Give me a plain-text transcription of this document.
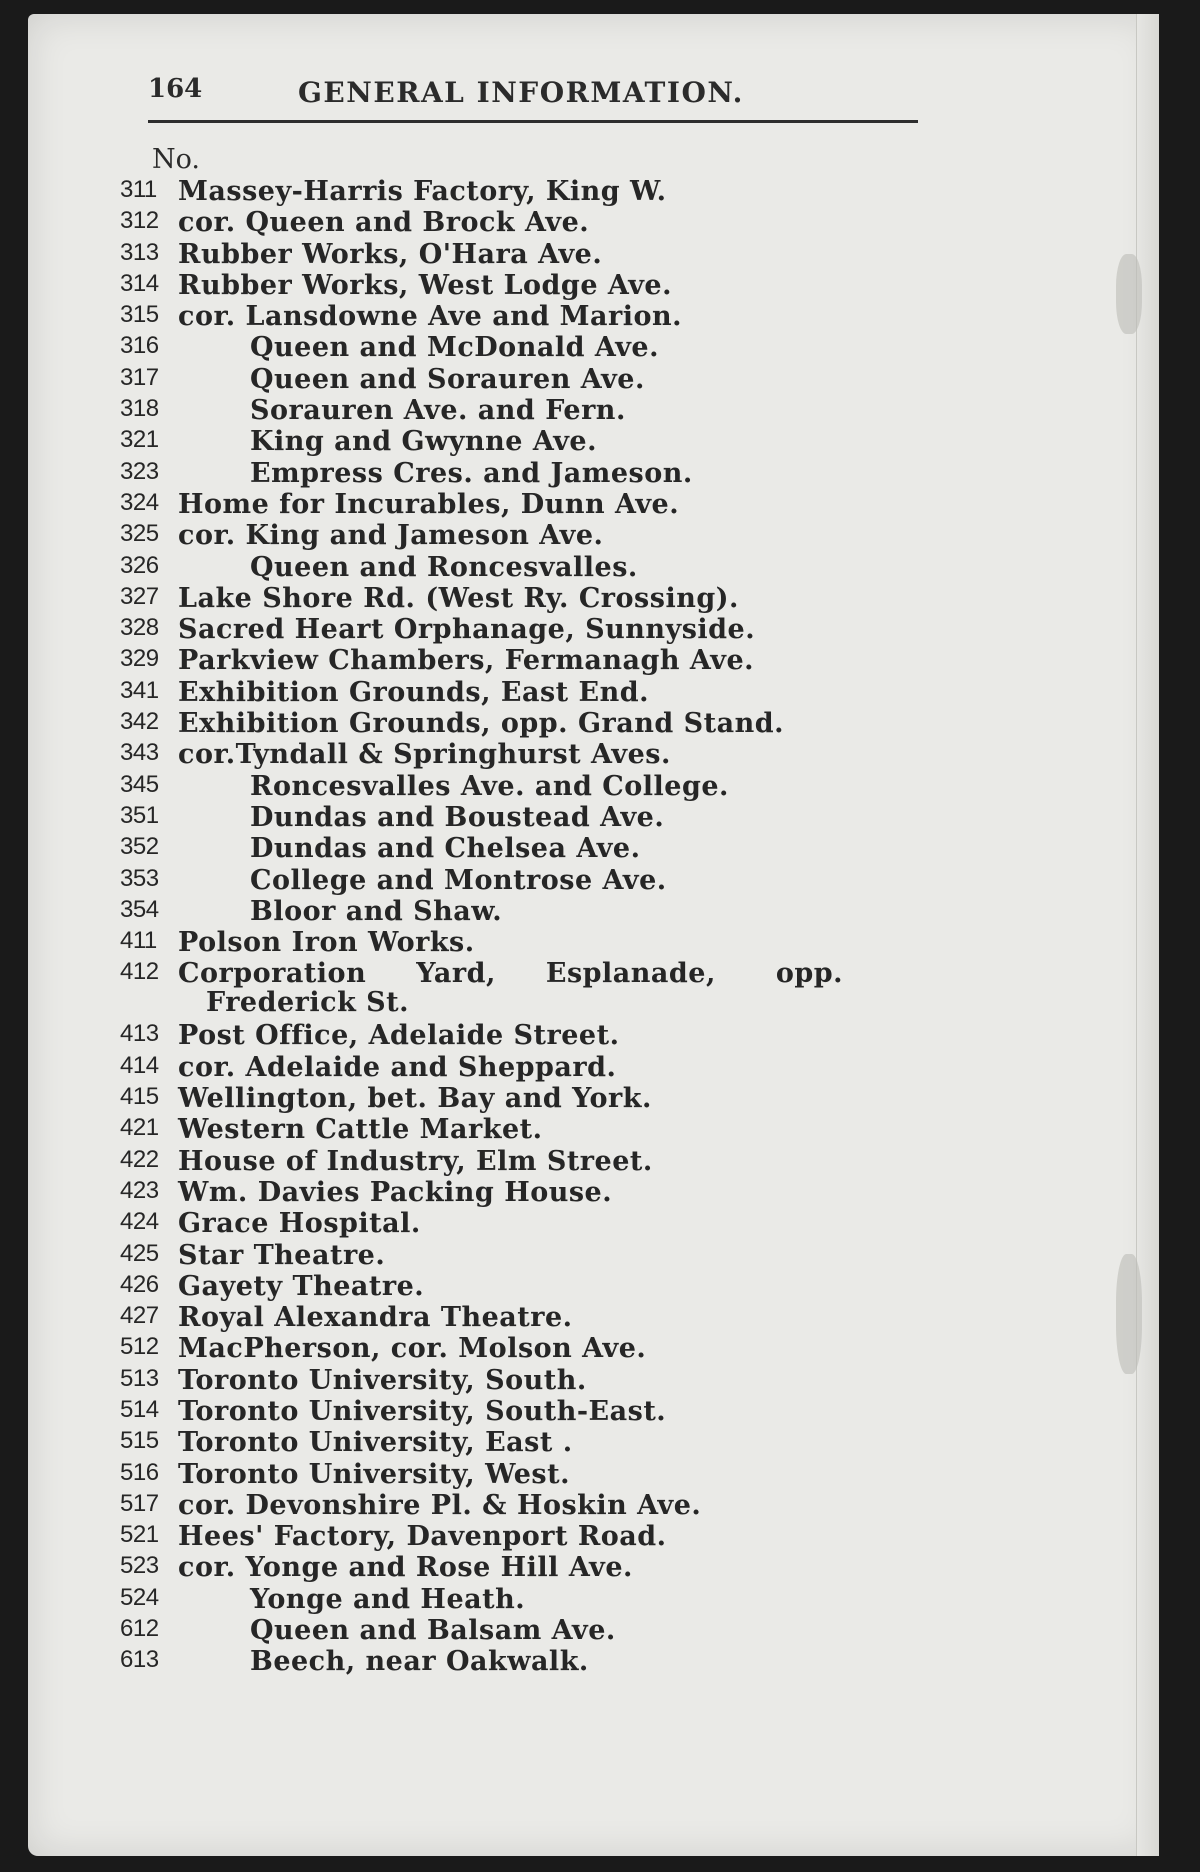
164	GENERAL INFORMATION.
No.
311 Massey-Harris Factory, King W.
312 cor. Queen and Brock Ave.
313 Rubber Works, O'Hara Ave.
314 Rubber Works, West Lodge Ave.
315 cor. Lansdowne Ave and Marion.
316	Queen and McDonald Ave.
317	Queen and Sorauren Ave.
318	Sorauren Ave. and Fern.
321	King and Gwynne Ave.
323	Empress Cres. and Jameson.
324 Home for Incurables, Dunn Ave.
325 cor. King and Jameson Ave.
326	Queen and Roncesvalles.
327 Lake Shore Rd. (West Ry. Crossing).
328 Sacred Heart Orphanage, Sunnyside.
329 Parkview Chambers, Fermanagh Ave.
341 Exhibition Grounds, East End.
342 Exhibition Grounds, opp. Grand Stand.
343 cor.Tyndall & Springhurst Aves.
345	Roncesvalles Ave. and College.
351	Dundas and Boustead Ave.
352	Dundas and Chelsea Ave.
353	College and Montrose Ave.
354	Bloor and Shaw.
411 Polson Iron Works.
412 Corporation Yard, Esplanade, opp.
Frederick St.
413 Post Office, Adelaide Street.
414 cor. Adelaide and Sheppard.
415 Wellington, bet. Bay and York.
421 Western Cattle Market.
422 House of Industry, Elm Street.
423 Wm. Davies Packing House.
424 Grace Hospital.
425 Star Theatre.
426 Gayety Theatre.
427 Royal Alexandra Theatre.
512 MacPherson, cor. Molson Ave.
513 Toronto University, South.
514 Toronto University, South-East.
515 Toronto University, East .
516 Toronto University, West.
517 cor. Devonshire Pl. & Hoskin Ave.
521 Hees' Factory, Davenport Road.
523 cor. Yonge and Rose Hill Ave.
524	Yonge and Heath.
612	Queen and Balsam Ave.
613	Beech, near Oakwalk.
